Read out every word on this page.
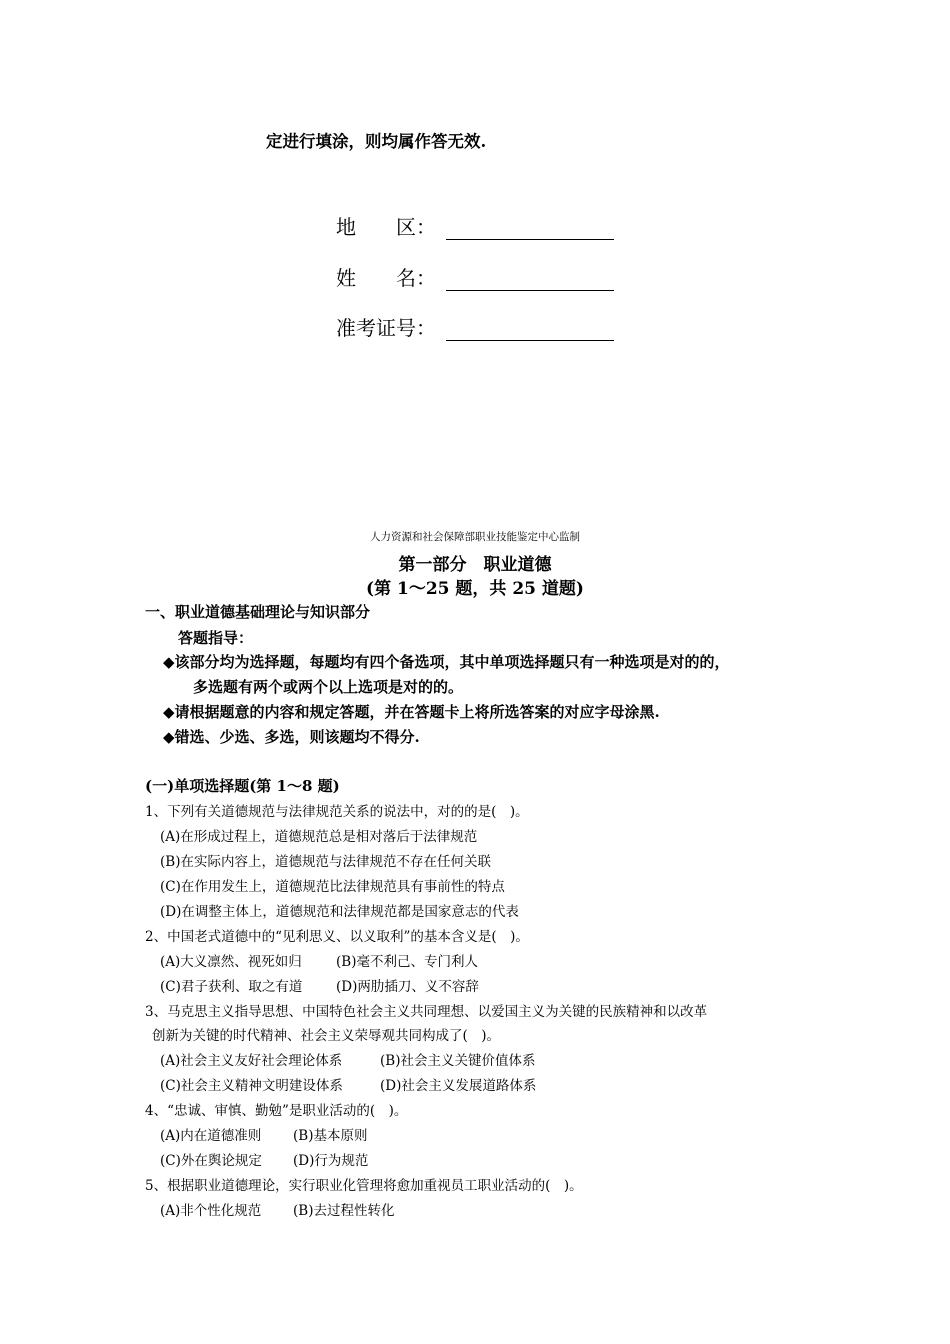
定进行填涂，则均属作答无效.
地　　区：
姓　　名：
准考证号：
人力资源和社会保障部职业技能鉴定中心监制
第一部分　职业道德
(第 1～25 题，共 25 道题)
一、职业道德基础理论与知识部分
答题指导：
◆该部分均为选择题，每题均有四个备选项，其中单项选择题只有一种选项是对的的，
多选题有两个或两个以上选项是对的的。
◆请根据题意的内容和规定答题，并在答题卡上将所选答案的对应字母涂黑.
◆错选、少选、多选，则该题均不得分.
(一)单项选择题(第 1～8 题)
1、下列有关道德规范与法律规范关系的说法中，对的的是(　)。
(A)在形成过程上，道德规范总是相对落后于法律规范
(B)在实际内容上，道德规范与法律规范不存在任何关联
(C)在作用发生上，道德规范比法律规范具有事前性的特点
(D)在调整主体上，道德规范和法律规范都是国家意志的代表
2、中国老式道德中的“见利思义、以义取利”的基本含义是(　)。
(A)大义凛然、视死如归	(B)毫不利己、专门利人
(C)君子获利、取之有道 (D)两肋插刀、义不容辞
3、马克思主义指导思想、中国特色社会主义共同理想、以爱国主义为关键的民族精神和以改革
创新为关键的时代精神、社会主义荣辱观共同构成了(　)。
(A)社会主义友好社会理论体系	(B)社会主义关键价值体系
(C)社会主义精神文明建设体系	(D)社会主义发展道路体系
4、“忠诚、审慎、勤勉”是职业活动的(　)。
(A)内在道德准则 (B)基本原则
(C)外在舆论规定 (D)行为规范
5、根据职业道德理论，实行职业化管理将愈加重视员工职业活动的(　)。
(A)非个性化规范 (B)去过程性转化
